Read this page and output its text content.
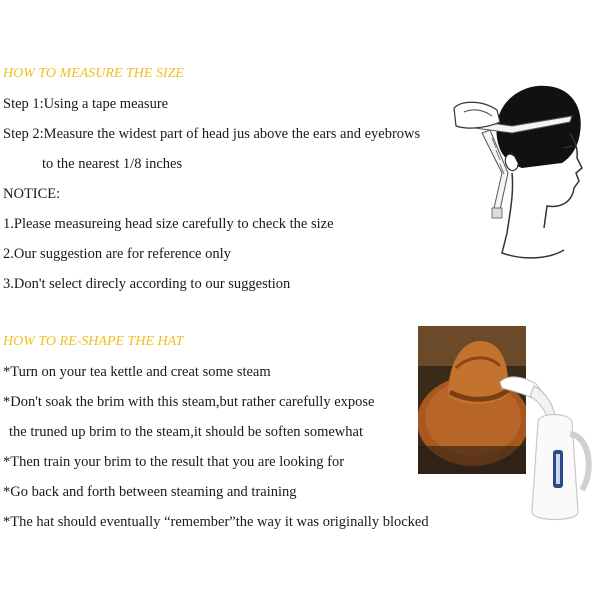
HOW TO MEASURE THE SIZE
Step 1:Using a tape measure
Step 2:Measure the widest part of head jus above the ears and eyebrows
to the nearest 1/8 inches
NOTICE:
1.Please measureing head size carefully to check the size
2.Our suggestion are for reference only
3.Don't select direcly according to our suggestion
HOW TO RE-SHAPE THE HAT
*Turn on your tea kettle and creat some steam
*Don't soak the brim with this steam,but rather carefully expose
the truned up brim to the steam,it should be soften somewhat
*Then train your brim to the result that you are looking for
*Go back and forth between steaming and training
*The hat should eventually “remember”the way it was originally blocked
